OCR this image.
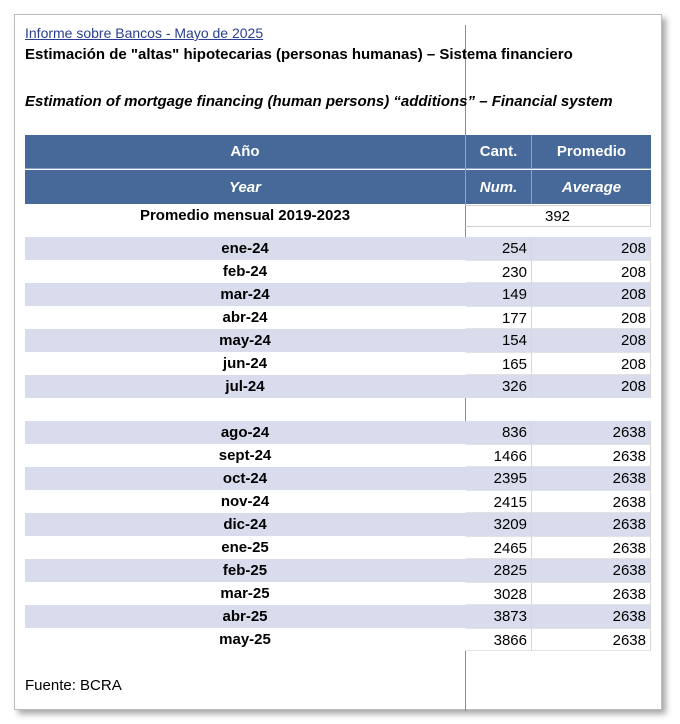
Informe sobre Bancos - Mayo de 2025
Estimación de "altas" hipotecarias (personas humanas) – Sistema financiero
Estimation of mortgage financing (human persons) “additions” – Financial system
Año	Cant.	Promedio
Year	Num.	Average
Promedio mensual 2019-2023	392
ene-24	254	208
feb-24	230	208
mar-24	149	208
abr-24	177	208
may-24	154	208
jun-24	165	208
jul-24	326	208
ago-24	836	2638
sept-24	1466	2638
oct-24	2395	2638
nov-24	2415	2638
dic-24	3209	2638
ene-25	2465	2638
feb-25	2825	2638
mar-25	3028	2638
abr-25	3873	2638
may-25	3866	2638
Fuente: BCRA
